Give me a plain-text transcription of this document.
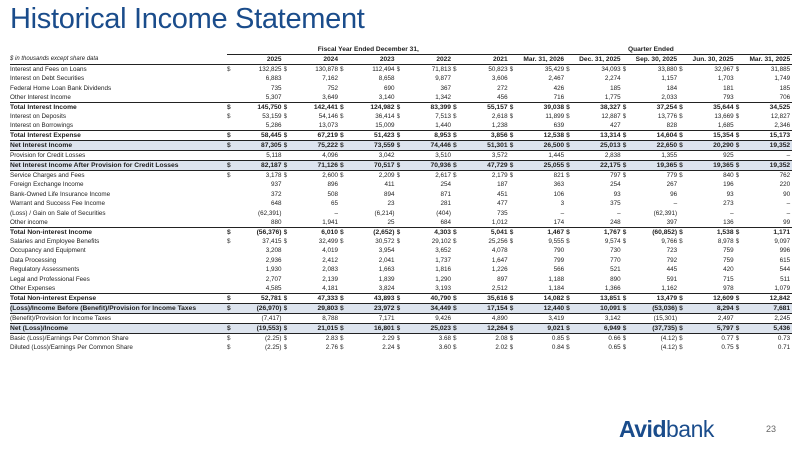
Historical Income Statement
	Fiscal Year Ended December 31,										Quarter Ended									
$ in thousands except share data	2025		2024		2023		2022		2021		Mar. 31, 2026		Dec. 31, 2025		Sep. 30, 2025		Jun. 30, 2025		Mar. 31, 2025	
Interest and Fees on Loans	$	132,825	$	130,878	$	112,494	$	71,813	$	50,823	$	35,429	$	34,093	$	33,880	$	32,967	$	31,885
Interest on Debt Securities		6,883		7,162		8,658		9,877		3,606		2,467		2,274		1,157		1,703		1,749
Federal Home Loan Bank Dividends		735		752		690		367		272		426		185		184		181		185
Other Interest Income		5,307		3,649		3,140		1,342		456		716		1,775		2,033		793		706
Total Interest Income	$	145,750	$	142,441	$	124,982	$	83,399	$	55,157	$	39,038	$	38,327	$	37,254	$	35,644	$	34,525
Interest on Deposits	$	53,159	$	54,146	$	36,414	$	7,513	$	2,618	$	11,899	$	12,887	$	13,776	$	13,669	$	12,827
Interest on Borrowings		5,286		13,073		15,009		1,440		1,238		639		427		828		1,685		2,346
Total Interest Expense	$	58,445	$	67,219	$	51,423	$	8,953	$	3,856	$	12,538	$	13,314	$	14,604	$	15,354	$	15,173
Net Interest Income	$	87,305	$	75,222	$	73,559	$	74,446	$	51,301	$	26,500	$	25,013	$	22,650	$	20,290	$	19,352
Provision for Credit Losses		5,118		4,096		3,042		3,510		3,572		1,445		2,838		1,355		925		–
Net Interest Income After Provision for Credit Losses	$	82,187	$	71,126	$	70,517	$	70,936	$	47,729	$	25,055	$	22,175	$	19,365	$	19,365	$	19,352
Service Charges and Fees	$	3,178	$	2,600	$	2,209	$	2,617	$	2,179	$	821	$	797	$	779	$	840	$	762
Foreign Exchange Income		937		896		411		254		187		363		254		267		196		220
Bank-Owned Life Insurance Income		372		508		894		871		451		106		93		96		93		90
Warrant and Success Fee Income		648		65		23		281		477		3		375		–		273		–
(Loss) / Gain on Sale of Securities		(62,391)		–		(6,214)		(404)		735		–		–		(62,391)		–		–
Other income		880		1,941		25		684		1,012		174		248		397		136		99
Total Non-interest Income	$	(56,376)	$	6,010	$	(2,652)	$	4,303	$	5,041	$	1,467	$	1,767	$	(60,852)	$	1,538	$	1,171
Salaries and Employee Benefits	$	37,415	$	32,499	$	30,572	$	29,102	$	25,256	$	9,555	$	9,574	$	9,766	$	8,978	$	9,097
Occupancy and Equipment		3,208		4,019		3,954		3,652		4,078		790		730		723		759		996
Data Processing		2,936		2,412		2,041		1,737		1,647		799		770		792		759		615
Regulatory Assessments		1,930		2,083		1,663		1,816		1,226		566		521		445		420		544
Legal and Professional Fees		2,707		2,139		1,839		1,290		897		1,188		890		591		715		511
Other Expenses		4,585		4,181		3,824		3,193		2,512		1,184		1,366		1,162		978		1,079
Total Non-interest Expense	$	52,781	$	47,333	$	43,893	$	40,790	$	35,616	$	14,082	$	13,851	$	13,479	$	12,609	$	12,842
(Loss)/Income Before (Benefit)/Provision for Income Taxes	$	(26,970)	$	29,803	$	23,972	$	34,449	$	17,154	$	12,440	$	10,091	$	(53,036)	$	8,294	$	7,681
(Benefit)/Provision for Income Taxes		(7,417)		8,788		7,171		9,426		4,890		3,419		3,142		(15,301)		2,497		2,245
Net (Loss)/Income	$	(19,553)	$	21,015	$	16,801	$	25,023	$	12,264	$	9,021	$	6,949	$	(37,735)	$	5,797	$	5,436
Basic (Loss)/Earnings Per Common Share	$	(2.25)	$	2.83	$	2.29	$	3.68	$	2.08	$	0.85	$	0.66	$	(4.12)	$	0.77	$	0.73
Diluted (Loss)/Earnings Per Common Share	$	(2.25)	$	2.76	$	2.24	$	3.60	$	2.02	$	0.84	$	0.65	$	(4.12)	$	0.75	$	0.71
Avidbank	23
